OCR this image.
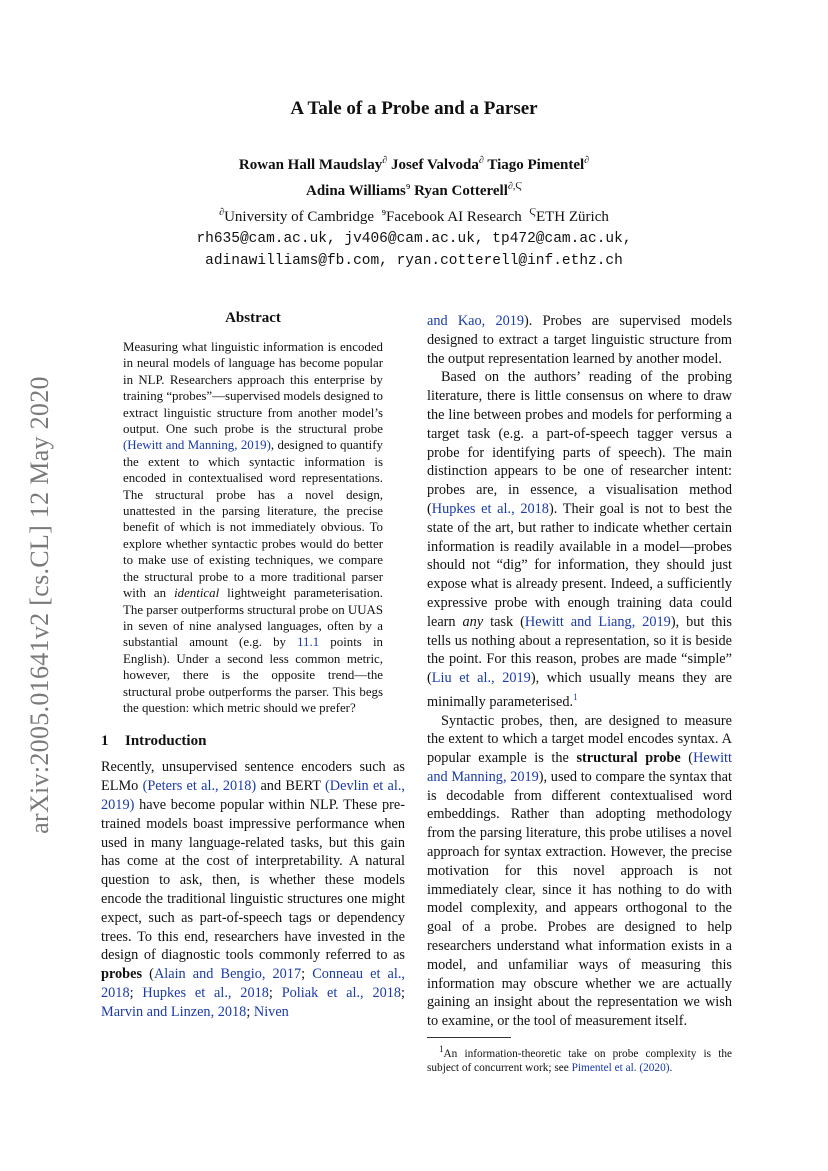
arXiv:2005.01641v2 [cs.CL] 12 May 2020
A Tale of a Probe and a Parser
Rowan Hall Maudslay∂ Josef Valvoda∂ Tiago Pimentel∂
Adina Williams$^ɘ$ Ryan Cotterell$^{\partial,Ϛ}$
∂University of Cambridge $^ɘ$Facebook AI Research $^Ϛ$ETH Zürich
rh635@cam.ac.uk, jv406@cam.ac.uk, tp472@cam.ac.uk,
adinawilliams@fb.com, ryan.cotterell@inf.ethz.ch
Abstract

Measuring what linguistic information is encoded in neural models of language has become popular in NLP. Researchers approach this enterprise by training “probes”—supervised models designed to extract linguistic structure from another model’s output. One such probe is the structural probe (Hewitt and Manning, 2019), designed to quantify the extent to which syntactic information is encoded in contextualised word representations. The structural probe has a novel design, unattested in the parsing literature, the precise benefit of which is not immediately obvious. To explore whether syntactic probes would do better to make use of existing techniques, we compare the structural probe to a more traditional parser with an identical lightweight parameterisation. The parser outperforms structural probe on UUAS in seven of nine analysed languages, often by a substantial amount (e.g. by 11.1 points in English). Under a second less common metric, however, there is the opposite trend—the structural probe outperforms the parser. This begs the question: which metric should we prefer?

1 Introduction

Recently, unsupervised sentence encoders such as ELMo (Peters et al., 2018) and BERT (Devlin et al., 2019) have become popular within NLP. These pre-trained models boast impressive performance when used in many language-related tasks, but this gain has come at the cost of interpretability. A natural question to ask, then, is whether these models encode the traditional linguistic structures one might expect, such as part-of-speech tags or dependency trees. To this end, researchers have invested in the design of diagnostic tools commonly referred to as probes (Alain and Bengio, 2017; Conneau et al., 2018; Hupkes et al., 2018; Poliak et al., 2018; Marvin and Linzen, 2018; Niven

and Kao, 2019). Probes are supervised models designed to extract a target linguistic structure from the output representation learned by another model.

Based on the authors’ reading of the probing literature, there is little consensus on where to draw the line between probes and models for performing a target task (e.g. a part-of-speech tagger versus a probe for identifying parts of speech). The main distinction appears to be one of researcher intent: probes are, in essence, a visualisation method (Hupkes et al., 2018). Their goal is not to best the state of the art, but rather to indicate whether certain information is readily available in a model—probes should not “dig” for information, they should just expose what is already present. Indeed, a sufficiently expressive probe with enough training data could learn any task (Hewitt and Liang, 2019), but this tells us nothing about a representation, so it is beside the point. For this reason, probes are made “simple” (Liu et al., 2019), which usually means they are minimally parameterised.$^1$

Syntactic probes, then, are designed to measure the extent to which a target model encodes syntax. A popular example is the structural probe (Hewitt and Manning, 2019), used to compare the syntax that is decodable from different contextualised word embeddings. Rather than adopting methodology from the parsing literature, this probe utilises a novel approach for syntax extraction. However, the precise motivation for this novel approach is not immediately clear, since it has nothing to do with model complexity, and appears orthogonal to the goal of a probe. Probes are designed to help researchers understand what information exists in a model, and unfamiliar ways of measuring this information may obscure whether we are actually gaining an insight about the representation we wish to examine, or the tool of measurement itself.

$^1$An information-theoretic take on probe complexity is the subject of concurrent work; see Pimentel et al. (2020).
